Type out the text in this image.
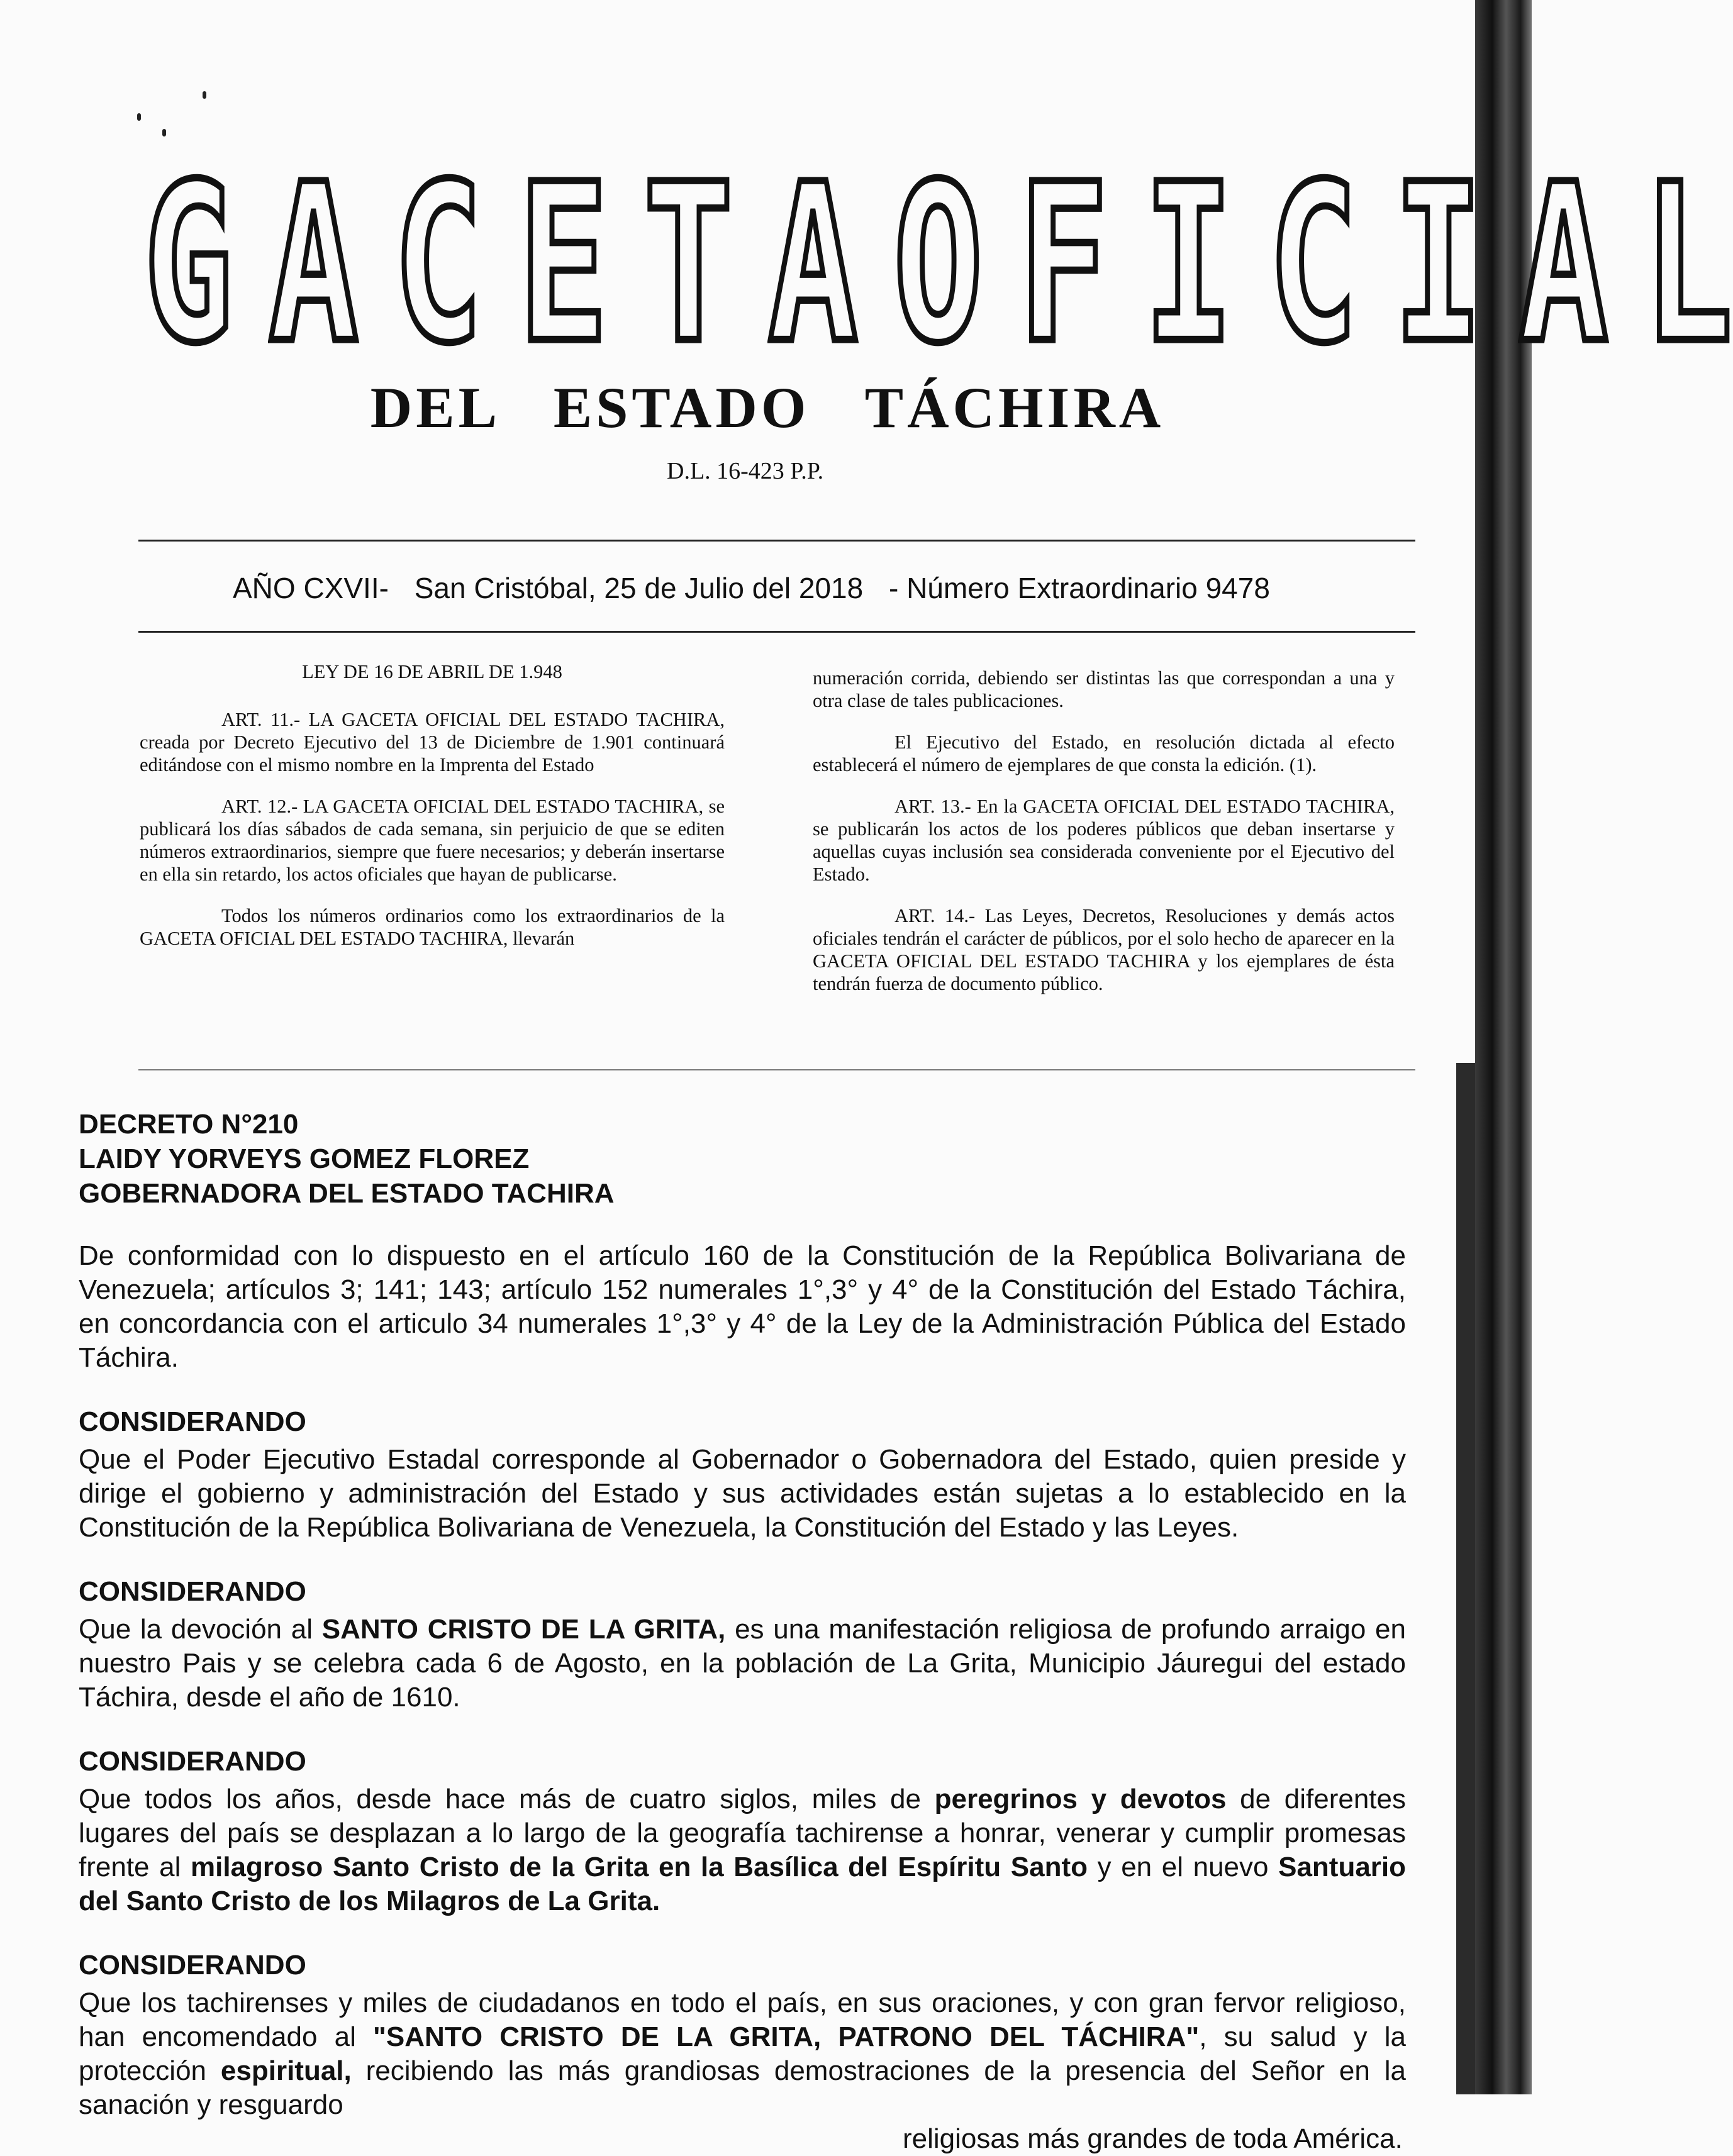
G A C E T A O F I C I A L
DEL ESTADO TÁCHIRA
D.L. 16-423 P.P.
AÑO CXVII- San Cristóbal, 25 de Julio del 2018 - Número Extraordinario 9478

LEY DE 16 DE ABRIL DE 1.948

ART. 11.- LA GACETA OFICIAL DEL ESTADO TACHIRA, creada por Decreto Ejecutivo del 13 de Diciembre de 1.901 continuará editándose con el mismo nombre en la Imprenta del Estado

ART. 12.- LA GACETA OFICIAL DEL ESTADO TACHIRA, se publicará los días sábados de cada semana, sin perjuicio de que se editen números extraordinarios, siempre que fuere necesarios; y deberán insertarse en ella sin retardo, los actos oficiales que hayan de publicarse.

Todos los números ordinarios como los extraordinarios de la GACETA OFICIAL DEL ESTADO TACHIRA, llevarán

numeración corrida, debiendo ser distintas las que correspondan a una y otra clase de tales publicaciones.

El Ejecutivo del Estado, en resolución dictada al efecto establecerá el número de ejemplares de que consta la edición. (1).

ART. 13.- En la GACETA OFICIAL DEL ESTADO TACHIRA, se publicarán los actos de los poderes públicos que deban insertarse y aquellas cuyas inclusión sea considerada conveniente por el Ejecutivo del Estado.

ART. 14.- Las Leyes, Decretos, Resoluciones y demás actos oficiales tendrán el carácter de públicos, por el solo hecho de aparecer en la GACETA OFICIAL DEL ESTADO TACHIRA y los ejemplares de ésta tendrán fuerza de documento público.

DECRETO N°210

LAIDY YORVEYS GOMEZ FLOREZ

GOBERNADORA DEL ESTADO TACHIRA

De conformidad con lo dispuesto en el artículo 160 de la Constitución de la República Bolivariana de Venezuela; artículos 3; 141; 143; artículo 152 numerales 1°,3° y 4° de la Constitución del Estado Táchira, en concordancia con el articulo 34 numerales 1°,3° y 4° de la Ley de la Administración Pública del Estado Táchira.

CONSIDERANDO

Que el Poder Ejecutivo Estadal corresponde al Gobernador o Gobernadora del Estado, quien preside y dirige el gobierno y administración del Estado y sus actividades están sujetas a lo establecido en la Constitución de la República Bolivariana de Venezuela, la Constitución del Estado y las Leyes.

CONSIDERANDO

Que la devoción al SANTO CRISTO DE LA GRITA, es una manifestación religiosa de profundo arraigo en nuestro Pais y se celebra cada 6 de Agosto, en la población de La Grita, Municipio Jáuregui del estado Táchira, desde el año de 1610.

CONSIDERANDO

Que todos los años, desde hace más de cuatro siglos, miles de peregrinos y devotos de diferentes lugares del país se desplazan a lo largo de la geografía tachirense a honrar, venerar y cumplir promesas frente al milagroso Santo Cristo de la Grita en la Basílica del Espíritu Santo y en el nuevo Santuario del Santo Cristo de los Milagros de La Grita.

CONSIDERANDO

Que los tachirenses y miles de ciudadanos en todo el país, en sus oraciones, y con gran fervor religioso, han encomendado al "SANTO CRISTO DE LA GRITA, PATRONO DEL TÁCHIRA", su salud y la protección espiritual, recibiendo las más grandiosas demostraciones de la presencia del Señor en la sanación y resguardo

religiosas más grandes de toda América.
